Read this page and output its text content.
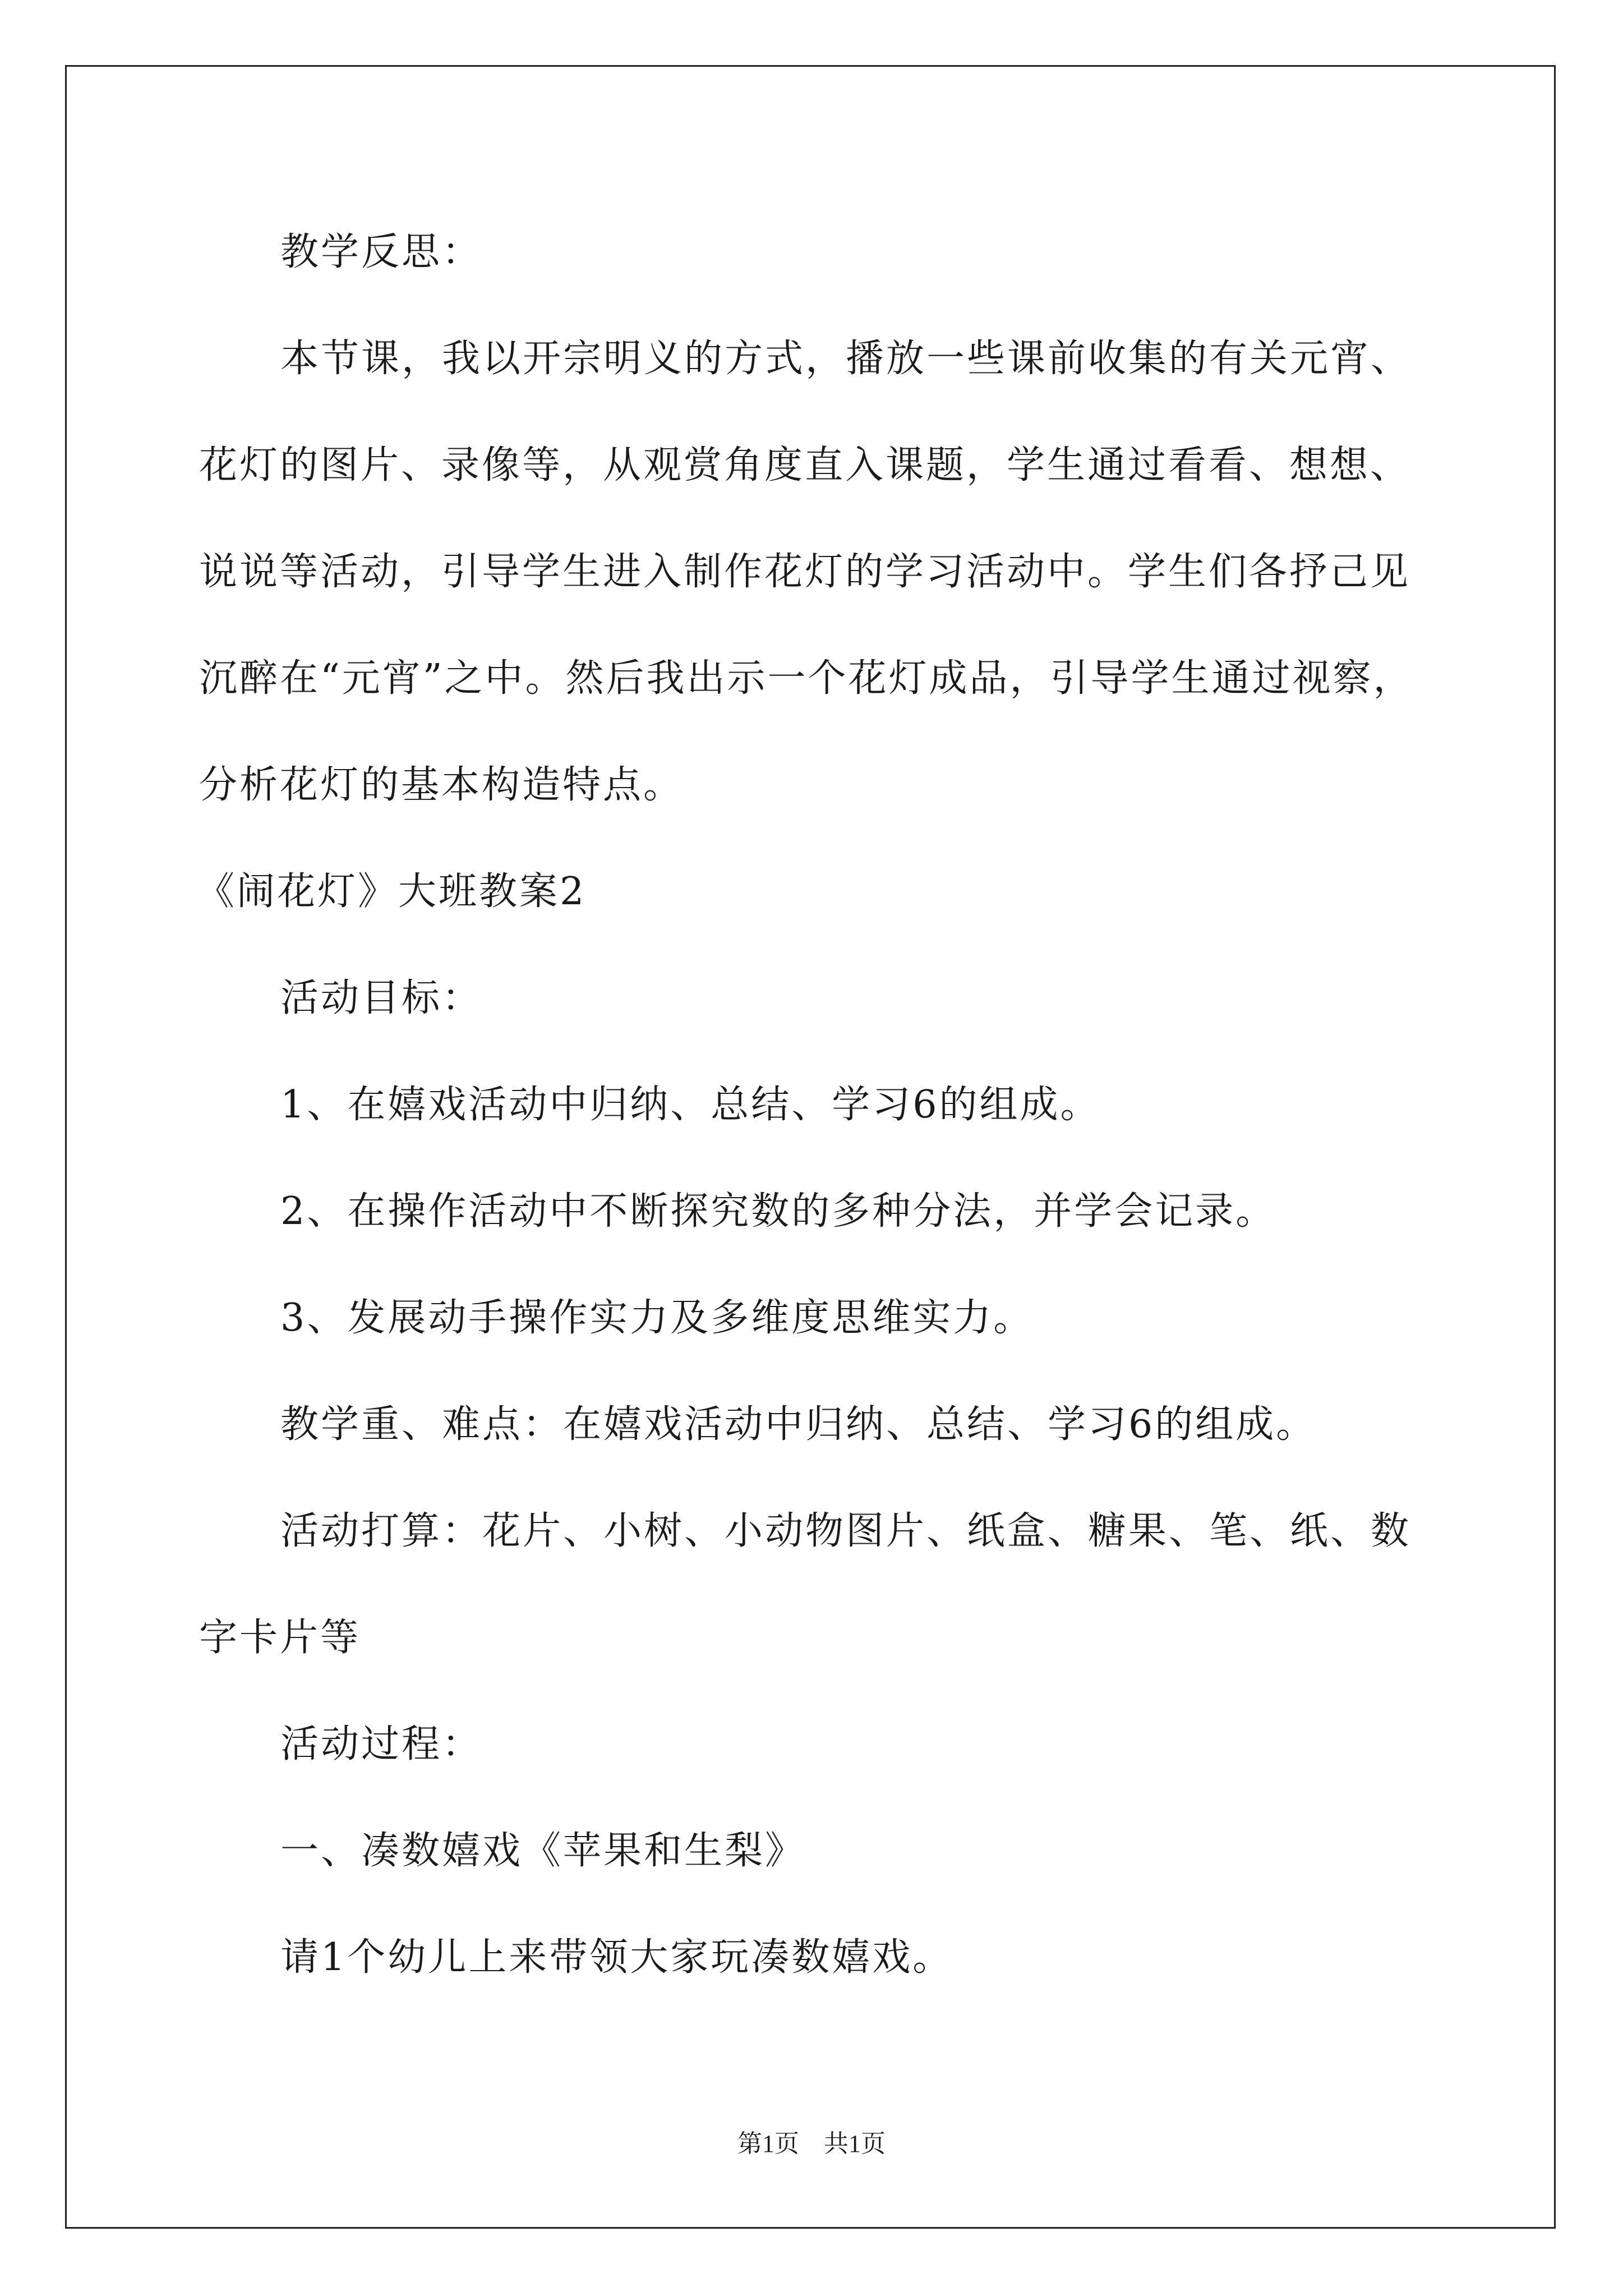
教学反思：
本节课，我以开宗明义的方式，播放一些课前收集的有关元宵、
花灯的图片、录像等，从观赏角度直入课题，学生通过看看、想想、
说说等活动，引导学生进入制作花灯的学习活动中。学生们各抒己见
沉醉在“元宵”之中。然后我出示一个花灯成品，引导学生通过视察，
分析花灯的基本构造特点。
《闹花灯》大班教案2
活动目标：
1、在嬉戏活动中归纳、总结、学习6的组成。
2、在操作活动中不断探究数的多种分法，并学会记录。
3、发展动手操作实力及多维度思维实力。
教学重、难点：在嬉戏活动中归纳、总结、学习6的组成。
活动打算：花片、小树、小动物图片、纸盒、糖果、笔、纸、数
字卡片等
活动过程：
一、凑数嬉戏《苹果和生梨》
请1个幼儿上来带领大家玩凑数嬉戏。
第1页　共1页
